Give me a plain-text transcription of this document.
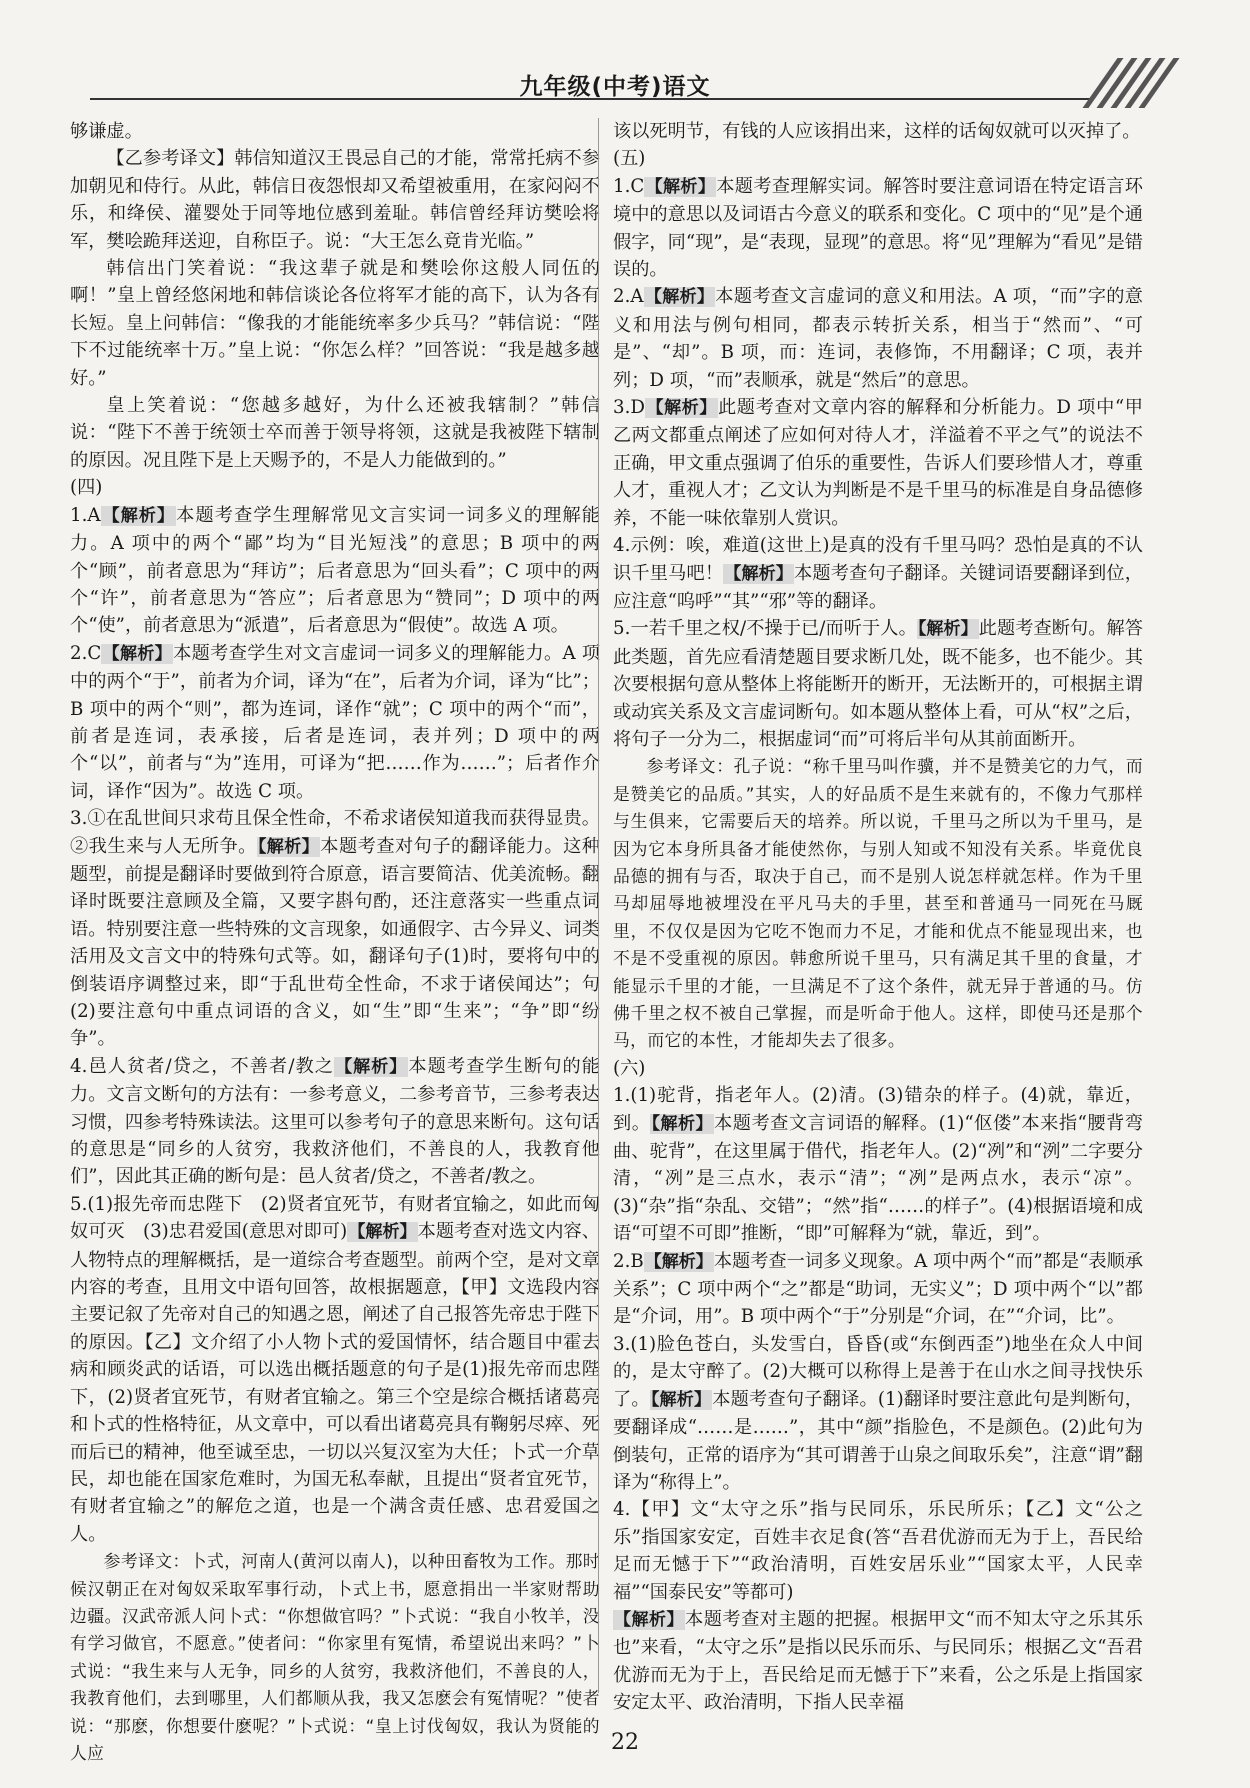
九年级(中考)语文

够谦虚。

【乙参考译文】韩信知道汉王畏忌自己的才能，常常托病不参加朝见和侍行。从此，韩信日夜怨恨却又希望被重用，在家闷闷不乐，和绛侯、灌婴处于同等地位感到羞耻。韩信曾经拜访樊哙将军，樊哙跪拜送迎，自称臣子。说：“大王怎么竟肯光临。”

韩信出门笑着说：“我这辈子就是和樊哙你这般人同伍的啊！”皇上曾经悠闲地和韩信谈论各位将军才能的高下，认为各有长短。皇上问韩信：“像我的才能能统率多少兵马？”韩信说：“陛下不过能统率十万。”皇上说：“你怎么样？”回答说：“我是越多越好。”

皇上笑着说：“您越多越好，为什么还被我辖制？”韩信说：“陛下不善于统领士卒而善于领导将领，这就是我被陛下辖制的原因。况且陛下是上天赐予的，不是人力能做到的。”

(四)

1.A【解析】本题考查学生理解常见文言实词一词多义的理解能力。A 项中的两个“鄙”均为“目光短浅”的意思；B 项中的两个“顾”，前者意思为“拜访”；后者意思为“回头看”；C 项中的两个“许”，前者意思为“答应”；后者意思为“赞同”；D 项中的两个“使”，前者意思为“派遣”，后者意思为“假使”。故选 A 项。

2.C【解析】本题考查学生对文言虚词一词多义的理解能力。A 项中的两个“于”，前者为介词，译为“在”，后者为介词，译为“比”；B 项中的两个“则”，都为连词，译作“就”；C 项中的两个“而”，前者是连词，表承接，后者是连词，表并列；D 项中的两个“以”，前者与“为”连用，可译为“把……作为……”；后者作介词，译作“因为”。故选 C 项。

3.①在乱世间只求苟且保全性命，不希求诸侯知道我而获得显贵。②我生来与人无所争。【解析】本题考查对句子的翻译能力。这种题型，前提是翻译时要做到符合原意，语言要简洁、优美流畅。翻译时既要注意顾及全篇，又要字斟句酌，还注意落实一些重点词语。特别要注意一些特殊的文言现象，如通假字、古今异义、词类活用及文言文中的特殊句式等。如，翻译句子(1)时，要将句中的倒装语序调整过来，即“于乱世苟全性命，不求于诸侯闻达”；句(2)要注意句中重点词语的含义，如“生”即“生来”；“争”即“纷争”。

4.邑人贫者/贷之，不善者/教之【解析】本题考查学生断句的能力。文言文断句的方法有：一参考意义，二参考音节，三参考表达习惯，四参考特殊读法。这里可以参考句子的意思来断句。这句话的意思是“同乡的人贫穷，我救济他们，不善良的人，我教育他们”，因此其正确的断句是：邑人贫者/贷之，不善者/教之。

5.(1)报先帝而忠陛下　(2)贤者宜死节，有财者宜输之，如此而匈奴可灭　(3)忠君爱国(意思对即可)【解析】本题考查对选文内容、人物特点的理解概括，是一道综合考查题型。前两个空，是对文章内容的考查，且用文中语句回答，故根据题意，【甲】文选段内容主要记叙了先帝对自己的知遇之恩，阐述了自己报答先帝忠于陛下的原因。【乙】文介绍了小人物卜式的爱国情怀，结合题目中霍去病和顾炎武的话语，可以选出概括题意的句子是(1)报先帝而忠陛下，(2)贤者宜死节，有财者宜输之。第三个空是综合概括诸葛亮和卜式的性格特征，从文章中，可以看出诸葛亮具有鞠躬尽瘁、死而后已的精神，他至诚至忠，一切以兴复汉室为大任；卜式一介草民，却也能在国家危难时，为国无私奉献，且提出“贤者宜死节，有财者宜输之”的解危之道，也是一个满含责任感、忠君爱国之人。

参考译文：卜式，河南人(黄河以南人)，以种田畜牧为工作。那时候汉朝正在对匈奴采取军事行动，卜式上书，愿意捐出一半家财帮助边疆。汉武帝派人问卜式：“你想做官吗？”卜式说：“我自小牧羊，没有学习做官，不愿意。”使者问：“你家里有冤情，希望说出来吗？”卜式说：“我生来与人无争，同乡的人贫穷，我救济他们，不善良的人，我教育他们，去到哪里，人们都顺从我，我又怎麽会有冤情呢？”使者说：“那麽，你想要什麽呢？”卜式说：“皇上讨伐匈奴，我认为贤能的人应

该以死明节，有钱的人应该捐出来，这样的话匈奴就可以灭掉了。

(五)

1.C【解析】本题考查理解实词。解答时要注意词语在特定语言环境中的意思以及词语古今意义的联系和变化。C 项中的“见”是个通假字，同“现”，是“表现，显现”的意思。将“见”理解为“看见”是错误的。

2.A【解析】本题考查文言虚词的意义和用法。A 项，“而”字的意义和用法与例句相同，都表示转折关系，相当于“然而”、“可是”、“却”。B 项，而：连词，表修饰，不用翻译；C 项，表并列；D 项，“而”表顺承，就是“然后”的意思。

3.D【解析】此题考查对文章内容的解释和分析能力。D 项中“甲乙两文都重点阐述了应如何对待人才，洋溢着不平之气”的说法不正确，甲文重点强调了伯乐的重要性，告诉人们要珍惜人才，尊重人才，重视人才；乙文认为判断是不是千里马的标准是自身品德修养，不能一味依靠别人赏识。

4.示例：唉，难道(这世上)是真的没有千里马吗？恐怕是真的不认识千里马吧！【解析】本题考查句子翻译。关键词语要翻译到位，应注意“呜呼”“其”“邪”等的翻译。

5.一若千里之权/不操于已/而听于人。【解析】此题考查断句。解答此类题，首先应看清楚题目要求断几处，既不能多，也不能少。其次要根据句意从整体上将能断开的断开，无法断开的，可根据主谓或动宾关系及文言虚词断句。如本题从整体上看，可从“权”之后，将句子一分为二，根据虚词“而”可将后半句从其前面断开。

参考译文：孔子说：“称千里马叫作骥，并不是赞美它的力气，而是赞美它的品质。”其实，人的好品质不是生来就有的，不像力气那样与生俱来，它需要后天的培养。所以说，千里马之所以为千里马，是因为它本身所具备才能使然你，与别人知或不知没有关系。毕竟优良品德的拥有与否，取决于自己，而不是别人说怎样就怎样。作为千里马却屈辱地被埋没在平凡马夫的手里，甚至和普通马一同死在马厩里，不仅仅是因为它吃不饱而力不足，才能和优点不能显现出来，也不是不受重视的原因。韩愈所说千里马，只有满足其千里的食量，才能显示千里的才能，一旦满足不了这个条件，就无异于普通的马。仿佛千里之权不被自己掌握，而是听命于他人。这样，即使马还是那个马，而它的本性，才能却失去了很多。

(六)

1.(1)驼背，指老年人。(2)清。(3)错杂的样子。(4)就，靠近，到。【解析】本题考查文言词语的解释。(1)“伛偻”本来指“腰背弯曲、驼背”，在这里属于借代，指老年人。(2)“冽”和“洌”二字要分清，“冽”是三点水，表示“清”；“冽”是两点水，表示“凉”。(3)“杂”指“杂乱、交错”；“然”指“……的样子”。(4)根据语境和成语“可望不可即”推断，“即”可解释为“就，靠近，到”。

2.B【解析】本题考查一词多义现象。A 项中两个“而”都是“表顺承关系”；C 项中两个“之”都是“助词，无实义”；D 项中两个“以”都是“介词，用”。B 项中两个“于”分别是“介词，在”“介词，比”。

3.(1)脸色苍白，头发雪白，昏昏(或“东倒西歪”)地坐在众人中间的，是太守醉了。(2)大概可以称得上是善于在山水之间寻找快乐了。【解析】本题考查句子翻译。(1)翻译时要注意此句是判断句，要翻译成“……是……”，其中“颜”指脸色，不是颜色。(2)此句为倒装句，正常的语序为“其可谓善于山泉之间取乐矣”，注意“谓”翻译为“称得上”。

4.【甲】文“太守之乐”指与民同乐，乐民所乐；【乙】文“公之乐”指国家安定，百姓丰衣足食(答“吾君优游而无为于上，吾民给足而无憾于下”“政治清明，百姓安居乐业”“国家太平，人民幸福”“国泰民安”等都可)

【解析】本题考查对主题的把握。根据甲文“而不知太守之乐其乐也”来看，“太守之乐”是指以民乐而乐、与民同乐；根据乙文“吾君优游而无为于上，吾民给足而无憾于下”来看，公之乐是上指国家安定太平、政治清明，下指人民幸福

22
